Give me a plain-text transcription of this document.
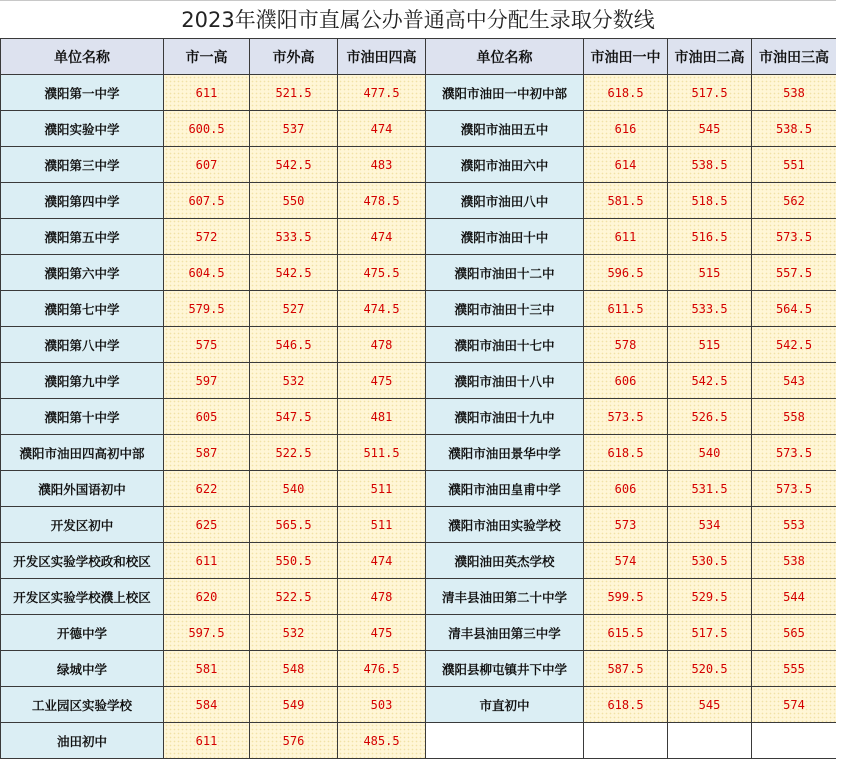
2023年濮阳市直属公办普通高中分配生录取分数线
单位名称	市一高	市外高	市油田四高	单位名称	市油田一中	市油田二高	市油田三高
濮阳第一中学	611	521.5	477.5	濮阳市油田一中初中部	618.5	517.5	538
濮阳实验中学	600.5	537	474	濮阳市油田五中	616	545	538.5
濮阳第三中学	607	542.5	483	濮阳市油田六中	614	538.5	551
濮阳第四中学	607.5	550	478.5	濮阳市油田八中	581.5	518.5	562
濮阳第五中学	572	533.5	474	濮阳市油田十中	611	516.5	573.5
濮阳第六中学	604.5	542.5	475.5	濮阳市油田十二中	596.5	515	557.5
濮阳第七中学	579.5	527	474.5	濮阳市油田十三中	611.5	533.5	564.5
濮阳第八中学	575	546.5	478	濮阳市油田十七中	578	515	542.5
濮阳第九中学	597	532	475	濮阳市油田十八中	606	542.5	543
濮阳第十中学	605	547.5	481	濮阳市油田十九中	573.5	526.5	558
濮阳市油田四高初中部	587	522.5	511.5	濮阳市油田景华中学	618.5	540	573.5
濮阳外国语初中	622	540	511	濮阳市油田皇甫中学	606	531.5	573.5
开发区初中	625	565.5	511	濮阳市油田实验学校	573	534	553
开发区实验学校政和校区	611	550.5	474	濮阳油田英杰学校	574	530.5	538
开发区实验学校濮上校区	620	522.5	478	清丰县油田第二十中学	599.5	529.5	544
开德中学	597.5	532	475	清丰县油田第三中学	615.5	517.5	565
绿城中学	581	548	476.5	濮阳县柳屯镇井下中学	587.5	520.5	555
工业园区实验学校	584	549	503	市直初中	618.5	545	574
油田初中	611	576	485.5				
